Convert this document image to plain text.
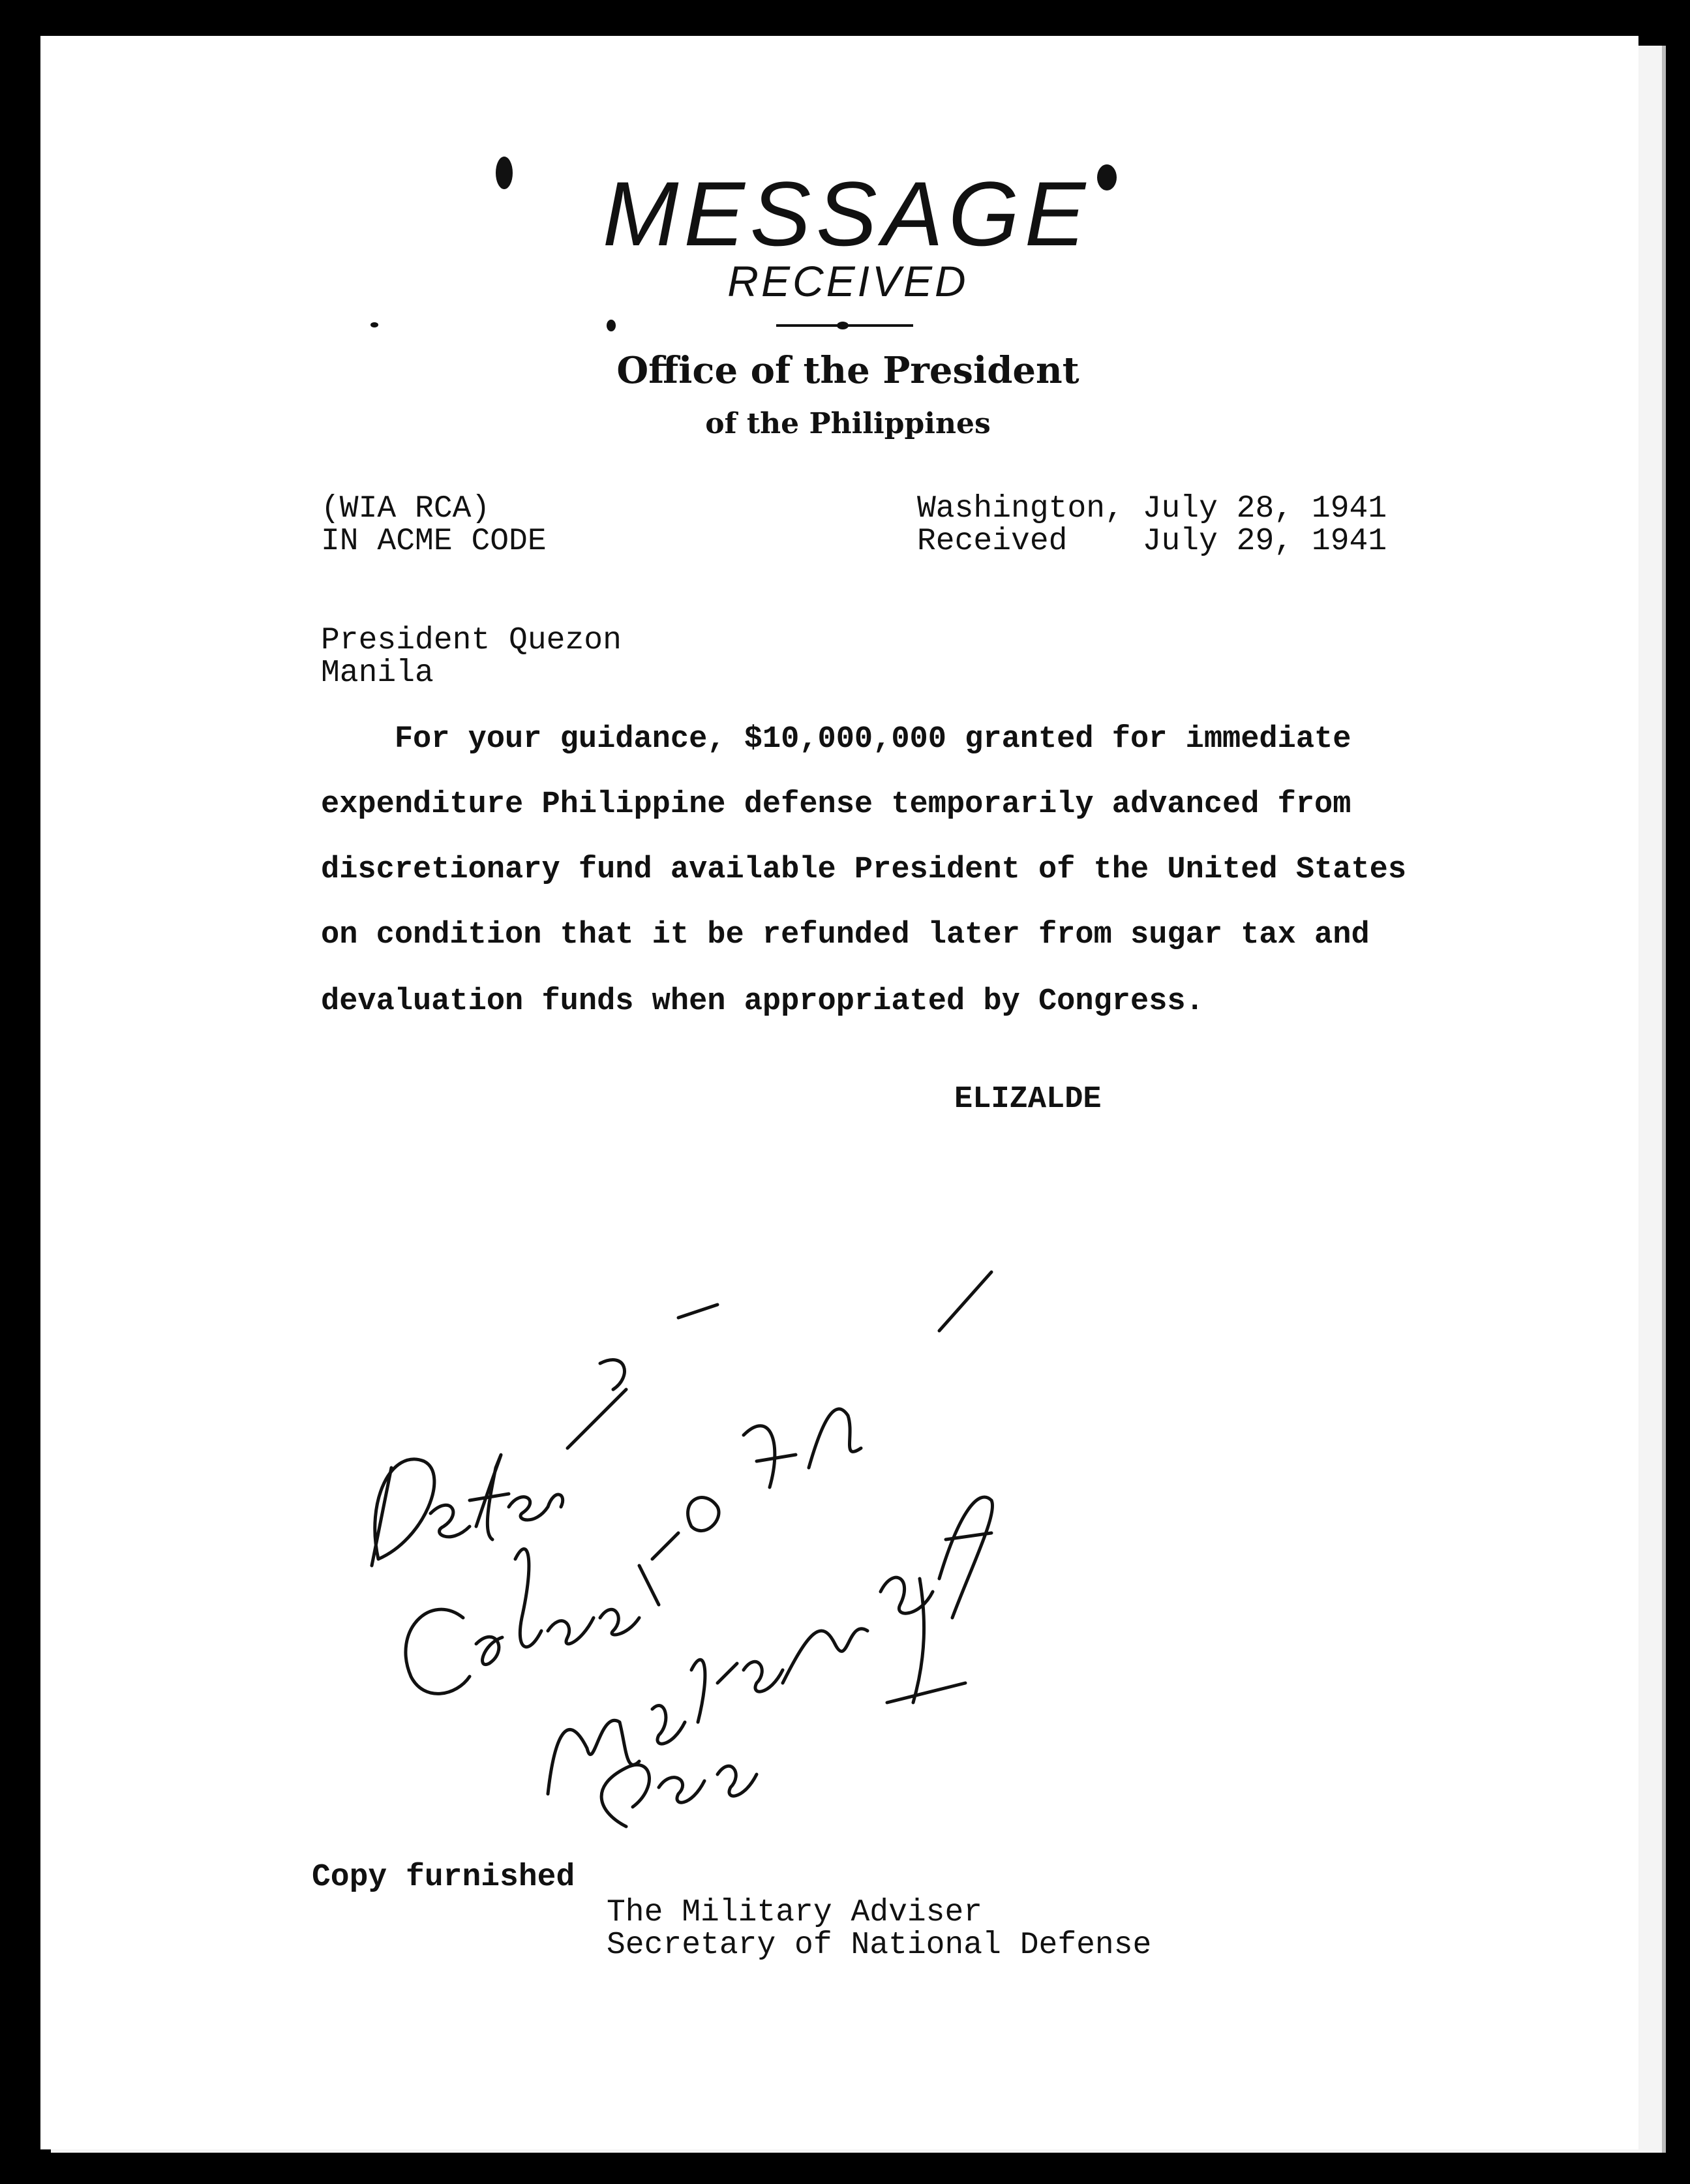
MESSAGE
RECEIVED
Office of the President
of the Philippines
(WIA RCA)
IN ACME CODE
Washington, July 28, 1941
Received    July 29, 1941
President Quezon
Manila
For your guidance, $10,000,000 granted for immediate
expenditure Philippine defense temporarily advanced from
discretionary fund available President of the United States
on condition that it be refunded later from sugar tax and
devaluation funds when appropriated by Congress.
ELIZALDE
Copy furnished
The Military Adviser
Secretary of National Defense
